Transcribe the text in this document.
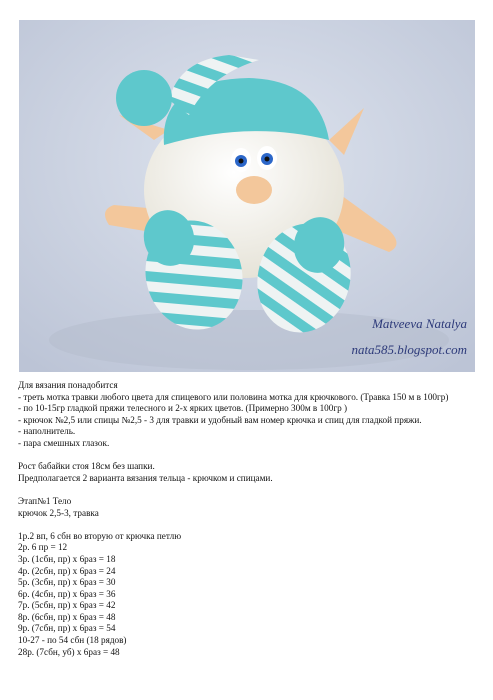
Matveeva Natalya
nata585.blogspot.com

Для вязания понадобится

- треть мотка травки любого цвета для спицевого или половина мотка для крючкового. (Травка 150 м в 100гр)

- по 10-15гр гладкой пряжи телесного и 2-х ярких цветов. (Примерно 300м в 100гр )

- крючок №2,5 или спицы №2,5 - 3 для травки и удобный вам номер крючка и спиц для гладкой пряжи.

- наполнитель.

- пара смешных глазок.

Рост бабайки стоя 18см без шапки.

Предполагается 2 варианта вязания тельца - крючком и спицами.

Этап№1 Тело

крючок 2,5-3, травка

1р.2 вп, 6 сбн во вторую от крючка петлю

2р. 6 пр = 12

3р. (1сбн, пр) х 6раз = 18

4р. (2сбн, пр) х 6раз = 24

5р. (3сбн, пр) х 6раз = 30

6р. (4сбн, пр) х 6раз = 36

7р. (5сбн, пр) х 6раз = 42

8р. (6сбн, пр) х 6раз = 48

9р. (7сбн, пр) х 6раз = 54

10-27 - по 54 сбн (18 рядов)

28р. (7сбн, уб) х 6раз = 48
